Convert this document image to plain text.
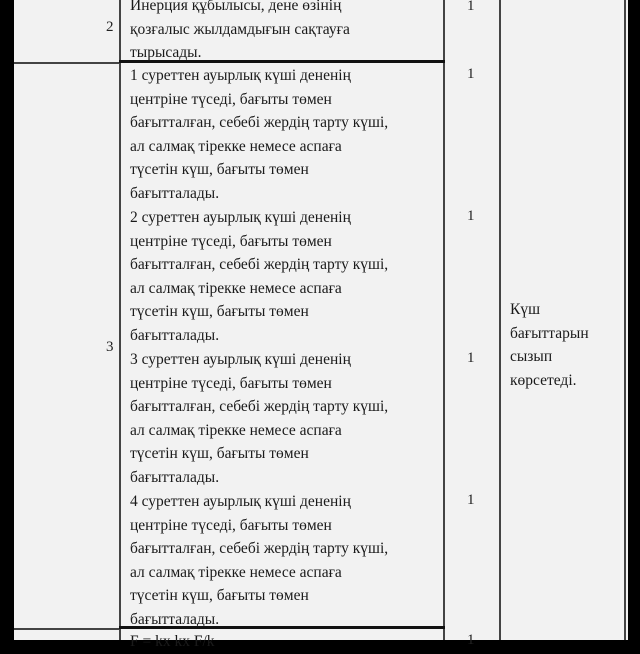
2
Инерция құбылысы, дене өзінің
қозғалыс жылдамдығын сақтауға
тырысады.
1
3
1 суреттен ауырлық күші дененің
центріне түседі, бағыты төмен
бағытталған, себебі жердің тарту күші,
ал салмақ тірекке немесе аспаға
түсетін күш, бағыты төмен
бағытталады.
1
2 суреттен ауырлық күші дененің
центріне түседі, бағыты төмен
бағытталған, себебі жердің тарту күші,
ал салмақ тірекке немесе аспаға
түсетін күш, бағыты төмен
бағытталады.
1
3 суреттен ауырлық күші дененің
центріне түседі, бағыты төмен
бағытталған, себебі жердің тарту күші,
ал салмақ тірекке немесе аспаға
түсетін күш, бағыты төмен
бағытталады.
1
4 суреттен ауырлық күші дененің
центріне түседі, бағыты төмен
бағытталған, себебі жердің тарту күші,
ал салмақ тірекке немесе аспаға
түсетін күш, бағыты төмен
бағытталады.
1
Күш
бағыттарын
сызып
көрсетеді.
F = kx kx F/k	1
